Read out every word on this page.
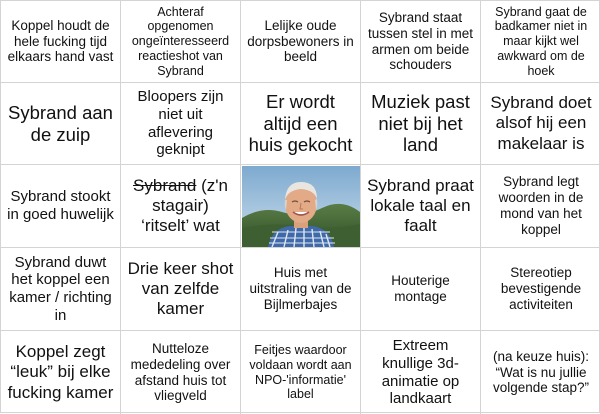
Koppel houdt de hele fucking tijd elkaars hand vast
Achteraf opgenomen ongeïnteresseerd reactieshot van Sybrand
Lelijke oude dorpsbewoners in beeld
Sybrand staat tussen stel in met armen om beide schouders
Sybrand gaat de badkamer niet in maar kijkt wel awkward om de hoek
Sybrand aan de zuip
Bloopers zijn niet uit aflevering geknipt
Er wordt altijd een huis gekocht
Muziek past niet bij het land
Sybrand doet alsof hij een makelaar is
Sybrand stookt in goed huwelijk
Sybrand (z'n stagair) ‘ritselt’ wat
Sybrand praat lokale taal en faalt
Sybrand legt woorden in de mond van het koppel
Sybrand duwt het koppel een kamer / richting in
Drie keer shot van zelfde kamer
Huis met uitstraling van de Bijlmerbajes
Houterige montage
Stereotiep bevestigende activiteiten
Koppel zegt “leuk” bij elke fucking kamer
Nutteloze mededeling over afstand huis tot vliegveld
Feitjes waardoor voldaan wordt aan NPO-'informatie' label
Extreem knullige 3d-animatie op landkaart
(na keuze huis): “Wat is nu jullie volgende stap?”
